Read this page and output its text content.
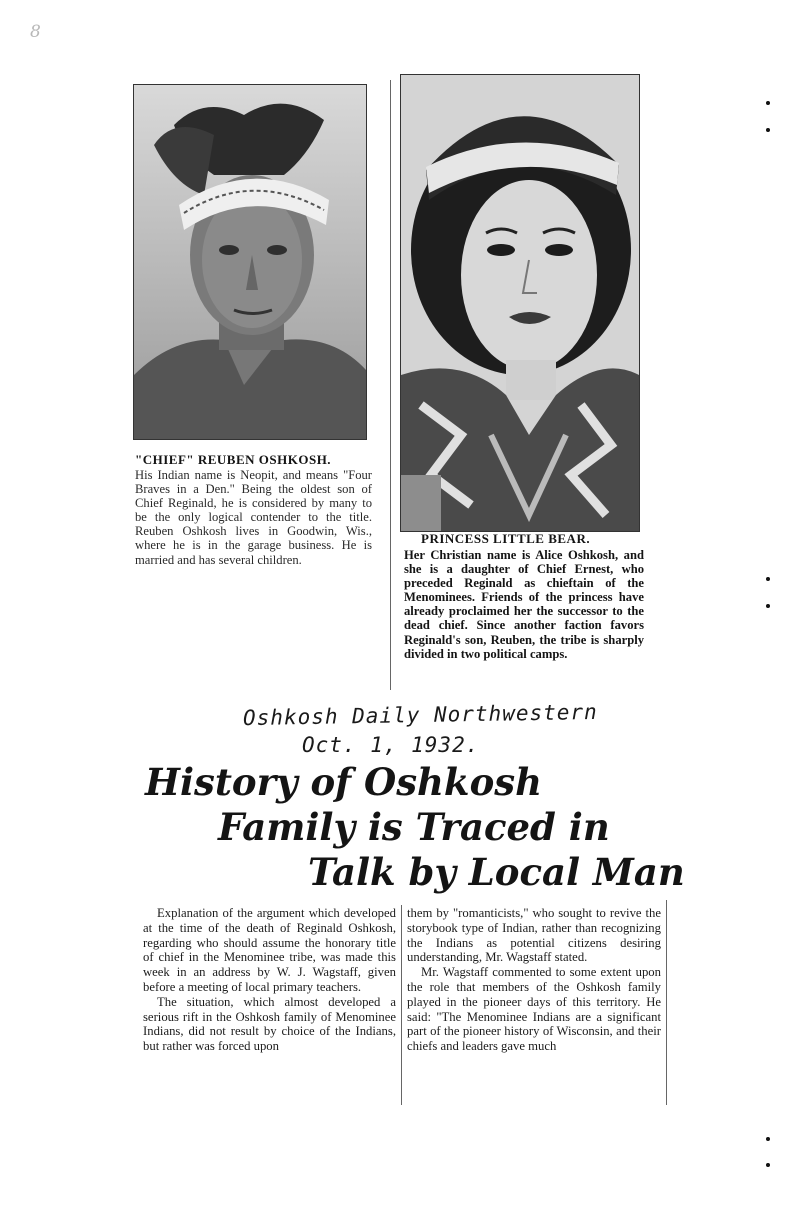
8
"CHIEF" REUBEN OSHKOSH.
His Indian name is Neopit, and means "Four Braves in a Den." Being the oldest son of Chief Reginald, he is considered by many to be the only logical contender to the title. Reuben Oshkosh lives in Goodwin, Wis., where he is in the garage business. He is married and has several children.
PRINCESS LITTLE BEAR.
Her Christian name is Alice Oshkosh, and she is a daughter of Chief Ernest, who preceded Reginald as chieftain of the Menominees. Friends of the princess have already proclaimed her the successor to the dead chief. Since another faction favors Reginald's son, Reuben, the tribe is sharply divided in two political camps.
Oshkosh Daily Northwestern
Oct. 1, 1932.
History of Oshkosh
Family is Traced in
Talk by Local Man

Explanation of the argument which developed at the time of the death of Reginald Oshkosh, regarding who should assume the honorary title of chief in the Menominee tribe, was made this week in an address by W. J. Wagstaff, given before a meeting of local primary teachers.

The situation, which almost developed a serious rift in the Oshkosh family of Menominee Indians, did not result by choice of the Indians, but rather was forced upon

them by "romanticists," who sought to revive the storybook type of Indian, rather than recognizing the Indians as potential citizens desiring understanding, Mr. Wagstaff stated.

Mr. Wagstaff commented to some extent upon the role that members of the Oshkosh family played in the pioneer days of this territory. He said: "The Menominee Indians are a significant part of the pioneer history of Wisconsin, and their chiefs and leaders gave much
